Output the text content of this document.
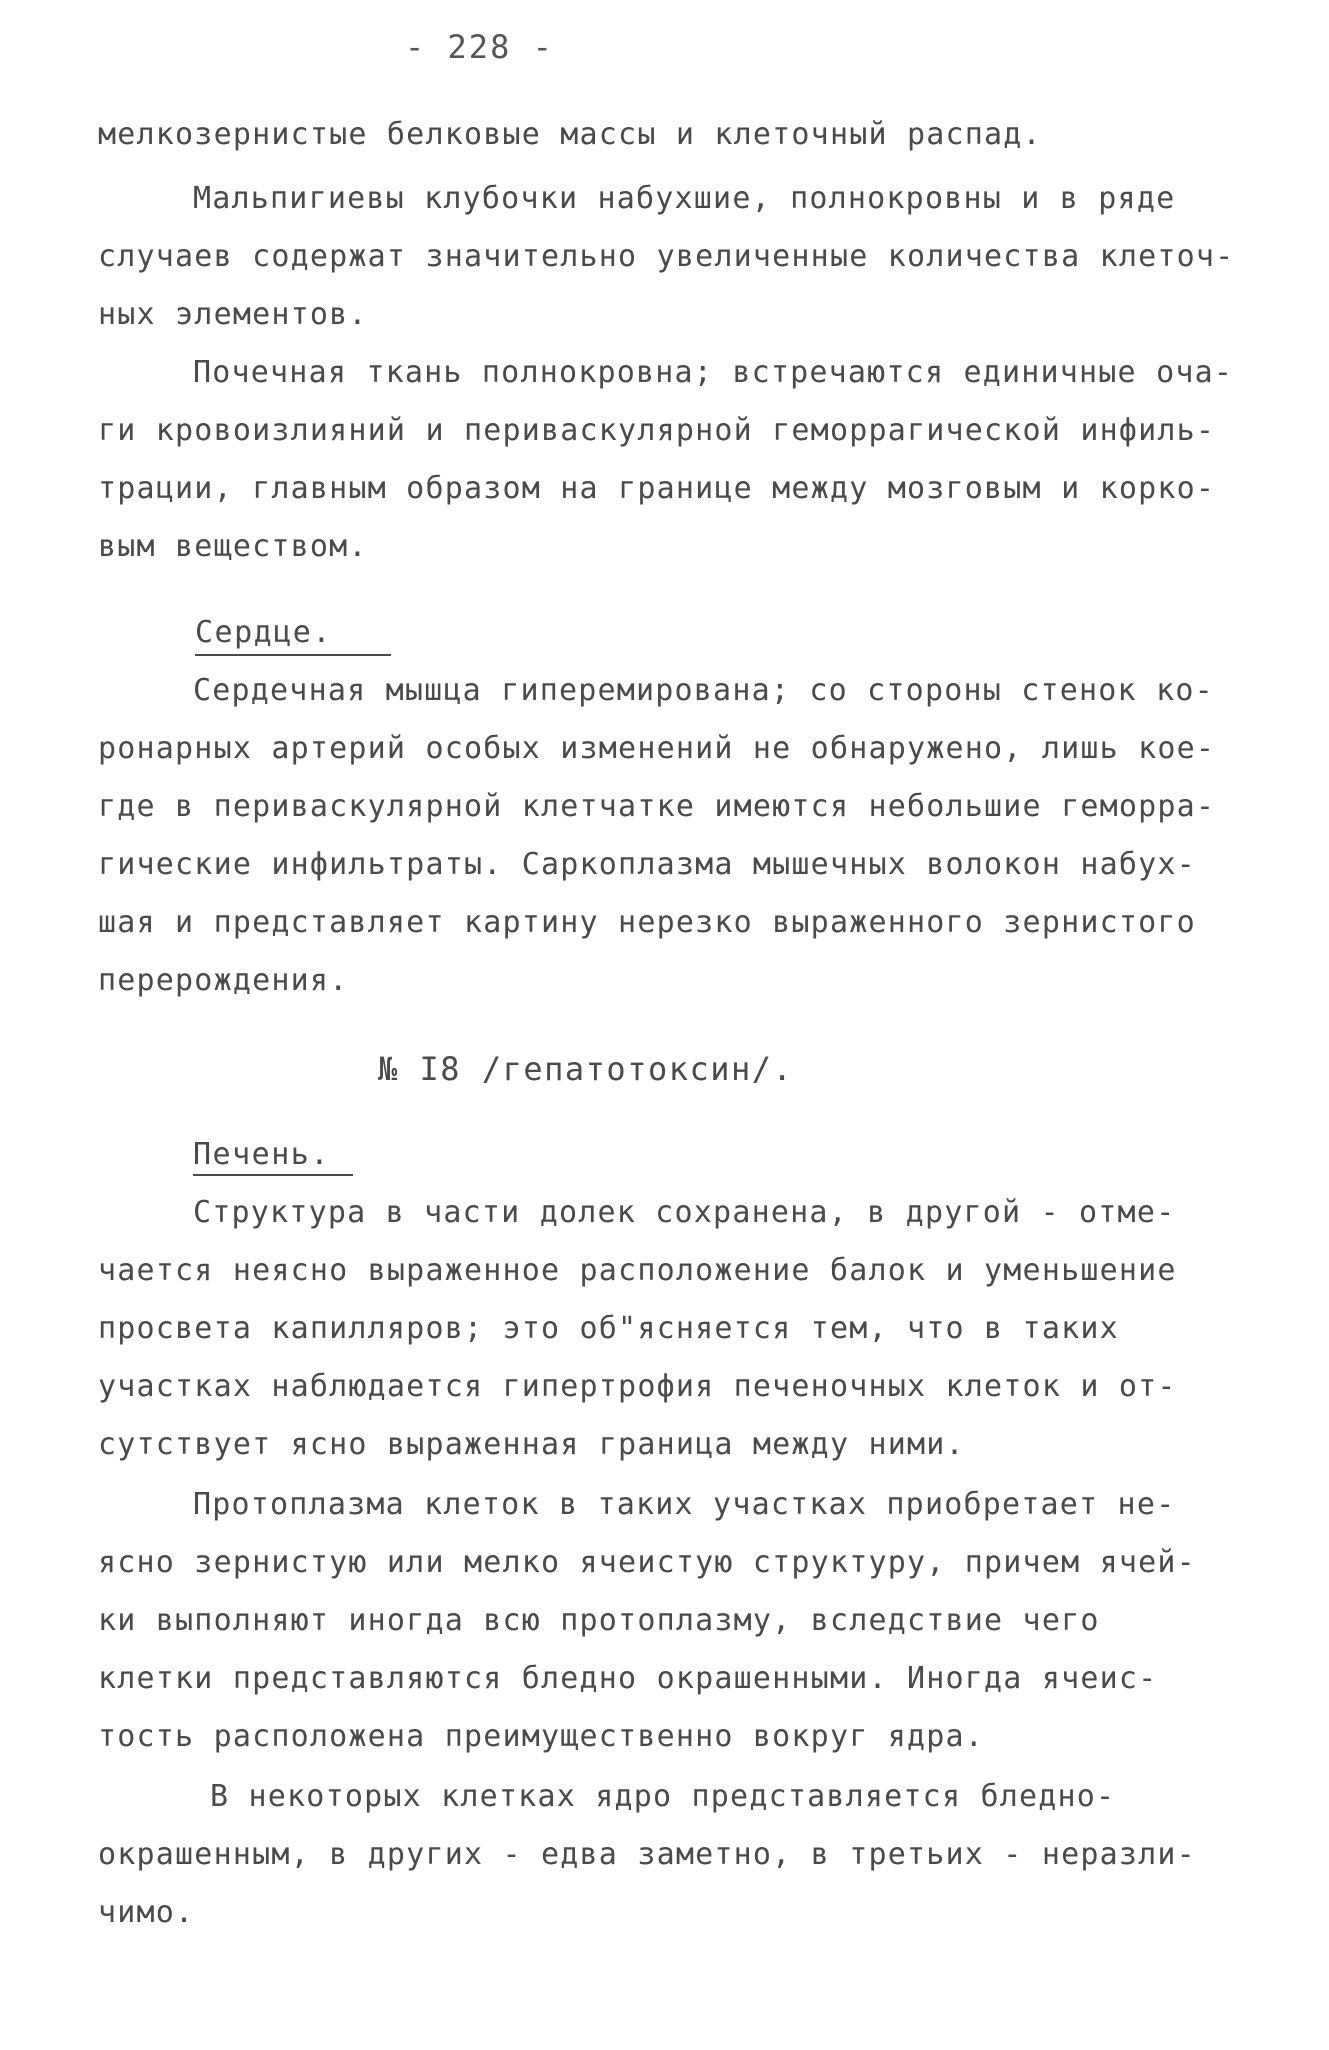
- 228 -
мелкозернистые белковые массы и клеточный распад.
Мальпигиевы клубочки набухшие, полнокровны и в ряде
случаев содержат значительно увеличенные количества клеточ-
ных элементов.
Почечная ткань полнокровна; встречаются единичные оча-
ги кровоизлияний и периваскулярной геморрагической инфиль-
трации, главным образом на границе между мозговым и корко-
вым веществом.
Сердце.
Сердечная мышца гиперемирована; со стороны стенок ко-
ронарных артерий особых изменений не обнаружено, лишь кое-
где в периваскулярной клетчатке имеются небольшие геморра-
гические инфильтраты. Саркоплазма мышечных волокон набух-
шая и представляет картину нерезко выраженного зернистого
перерождения.
№ I8 /гепатотоксин/.
Печень.
Структура в части долек сохранена, в другой - отме-
чается неясно выраженное расположение балок и уменьшение
просвета капилляров; это об"ясняется тем, что в таких
участках наблюдается гипертрофия печеночных клеток и от-
сутствует ясно выраженная граница между ними.
Протоплазма клеток в таких участках приобретает не-
ясно зернистую или мелко ячеистую структуру, причем ячей-
ки выполняют иногда всю протоплазму, вследствие чего
клетки представляются бледно окрашенными. Иногда ячеис-
тость расположена преимущественно вокруг ядра.
В некоторых клетках ядро представляется бледно-
окрашенным, в других - едва заметно, в третьих - неразли-
чимо.
